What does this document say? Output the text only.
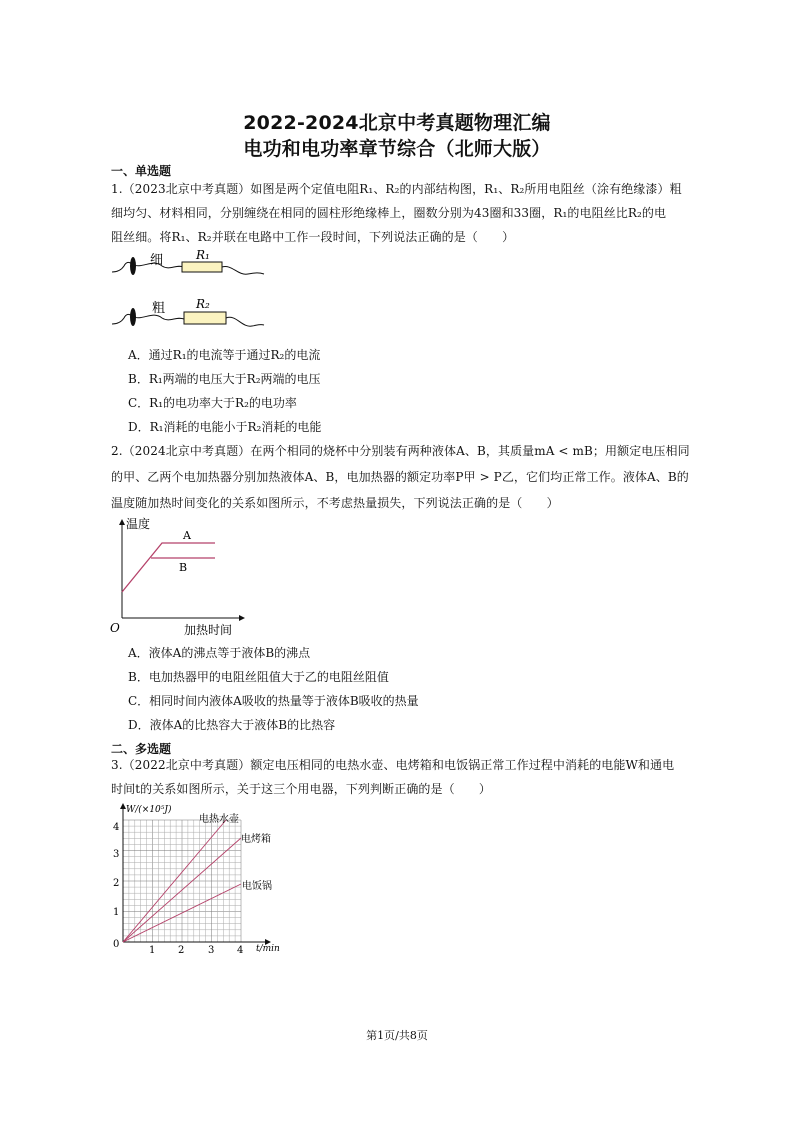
2022-2024北京中考真题物理汇编
电功和电功率章节综合（北师大版）
一、单选题
1.（2023北京中考真题）如图是两个定值电阻R₁、R₂的内部结构图，R₁、R₂所用电阻丝（涂有绝缘漆）粗
细均匀、材料相同，分别缠绕在相同的圆柱形绝缘棒上，圈数分别为43圈和33圈，R₁的电阻丝比R₂的电
阻丝细。将R₁、R₂并联在电路中工作一段时间，下列说法正确的是（　　）
细	R₁
粗	R₂
A．通过R₁的电流等于通过R₂的电流
B．R₁两端的电压大于R₂两端的电压
C．R₁的电功率大于R₂的电功率
D．R₁消耗的电能小于R₂消耗的电能
2.（2024北京中考真题）在两个相同的烧杯中分别装有两种液体A、B，其质量mA < mB；用额定电压相同
的甲、乙两个电加热器分别加热液体A、B，电加热器的额定功率P甲 > P乙，它们均正常工作。液体A、B的
温度随加热时间变化的关系如图所示，不考虑热量损失，下列说法正确的是（　　）
温度
加热时间
O
A
B
A．液体A的沸点等于液体B的沸点
B．电加热器甲的电阻丝阻值大于乙的电阻丝阻值
C．相同时间内液体A吸收的热量等于液体B吸收的热量
D．液体A的比热容大于液体B的比热容
二、多选题
3.（2022北京中考真题）额定电压相同的电热水壶、电烤箱和电饭锅正常工作过程中消耗的电能W和通电
时间t的关系如图所示，关于这三个用电器，下列判断正确的是（　　）
W/(×10⁵J)
t/min
0
4
3
2
1
1 2 3 4
电热水壶
电烤箱
电饭锅
第1页/共8页
